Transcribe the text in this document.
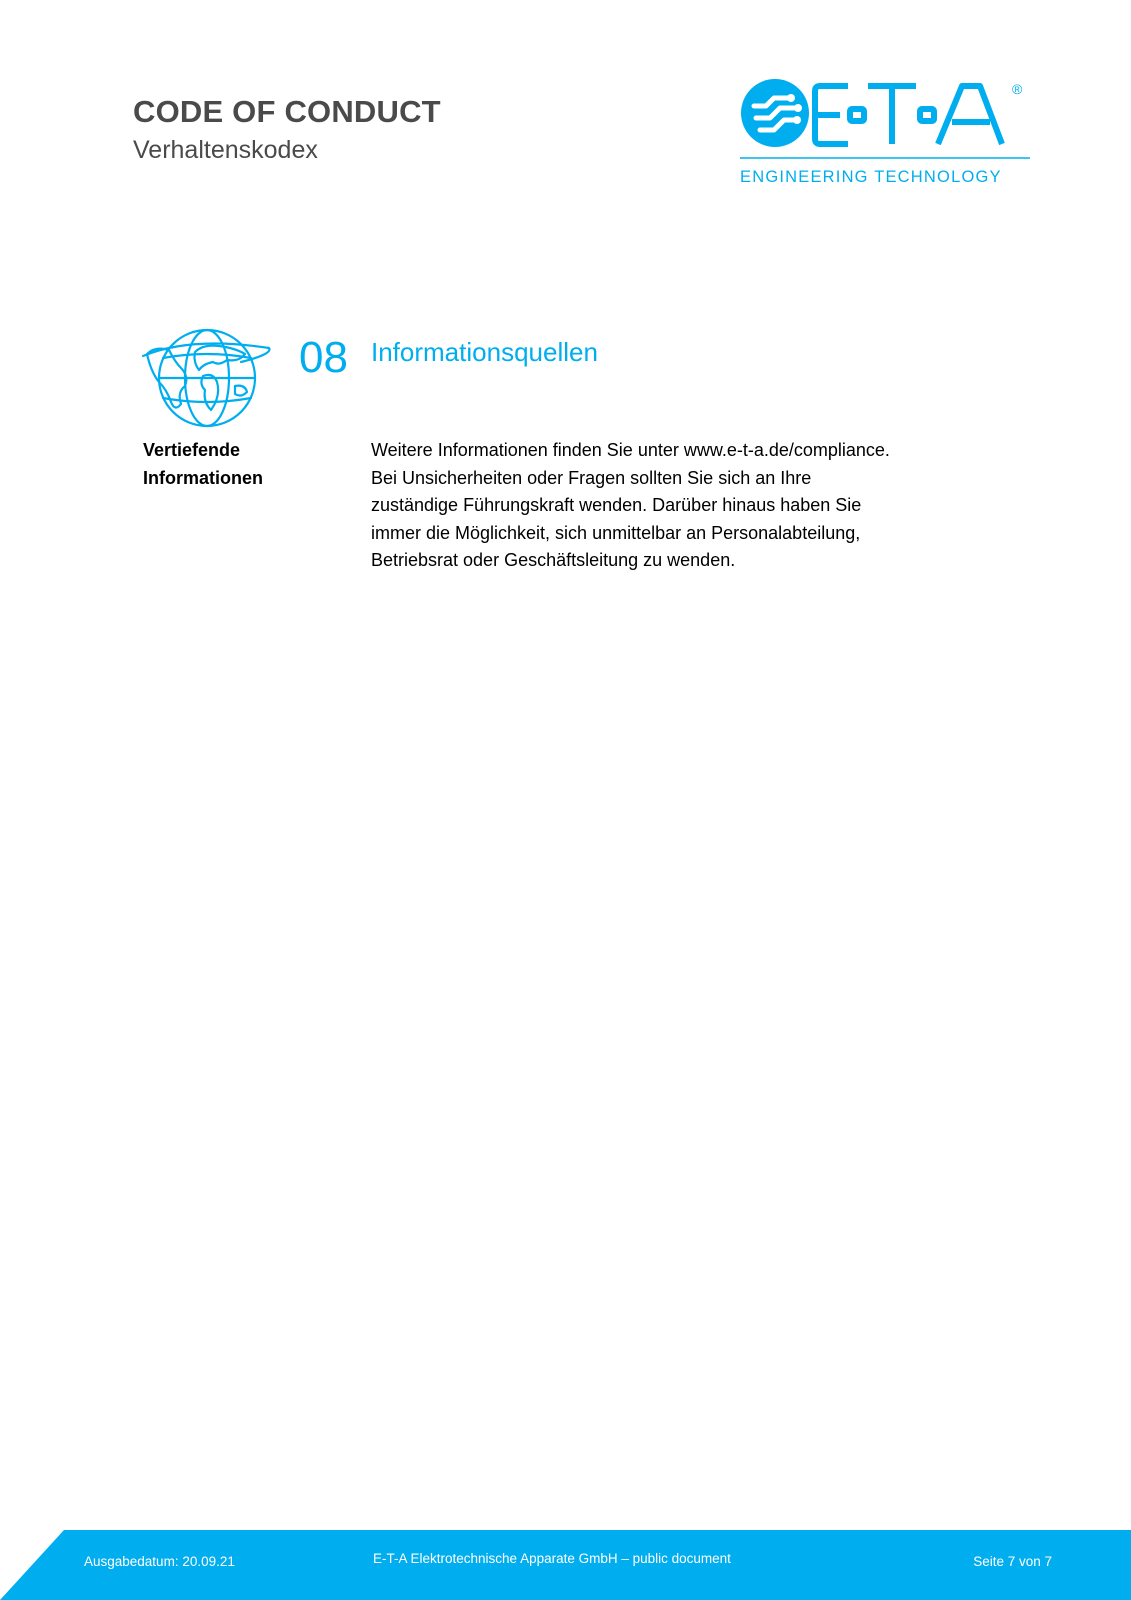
CODE OF CONDUCT
Verhaltenskodex
®
ENGINEERING TECHNOLOGY
08 Informationsquellen
Vertiefende
Informationen
Weitere Informationen finden Sie unter www.e-t-a.de/compliance.
Bei Unsicherheiten oder Fragen sollten Sie sich an Ihre
zuständige Führungskraft wenden. Darüber hinaus haben Sie
immer die Möglichkeit, sich unmittelbar an Personalabteilung,
Betriebsrat oder Geschäftsleitung zu wenden.
Ausgabedatum: 20.09.21	E-T-A Elektrotechnische Apparate GmbH – public document	Seite 7 von 7
